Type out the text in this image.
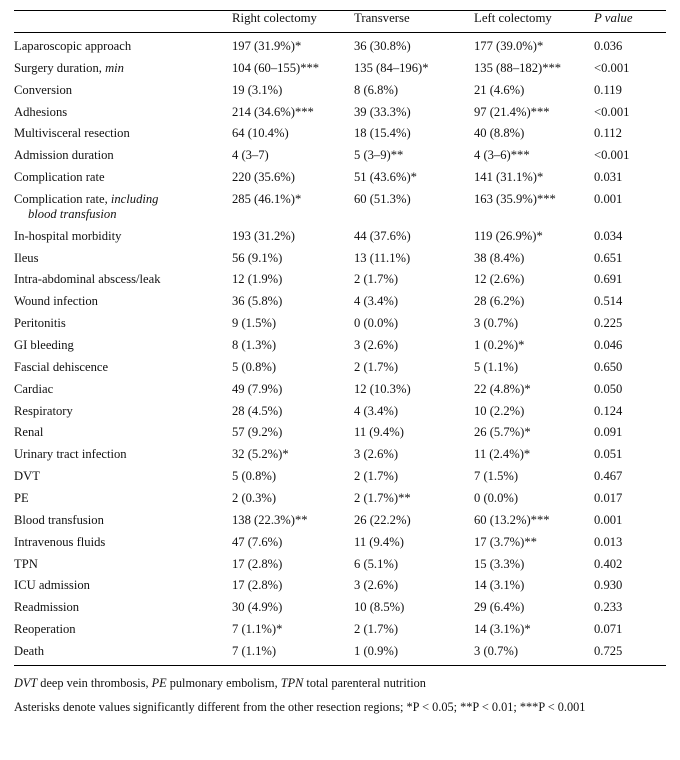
	Right colectomy	Transverse	Left colectomy	P value
Laparoscopic approach	197 (31.9%)*	36 (30.8%)	177 (39.0%)*	0.036

Surgery duration, min	104 (60–155)***	135 (84–196)*	135 (88–182)***	<0.001
Conversion	19 (3.1%)	8 (6.8%)	21 (4.6%)	0.119
Adhesions	214 (34.6%)***	39 (33.3%)	97 (21.4%)***	<0.001
Multivisceral resection	64 (10.4%)	18 (15.4%)	40 (8.8%)	0.112
Admission duration	4 (3–7)	5 (3–9)**	4 (3–6)***	<0.001
Complication rate	220 (35.6%)	51 (43.6%)*	141 (31.1%)*	0.031

Complication rate, including
blood transfusion	285 (46.1%)*	60 (51.3%)	163 (35.9%)***	0.001
In-hospital morbidity	193 (31.2%)	44 (37.6%)	119 (26.9%)*	0.034
Ileus	56 (9.1%)	13 (11.1%)	38 (8.4%)	0.651
Intra-abdominal abscess/leak	12 (1.9%)	2 (1.7%)	12 (2.6%)	0.691
Wound infection	36 (5.8%)	4 (3.4%)	28 (6.2%)	0.514
Peritonitis	9 (1.5%)	0 (0.0%)	3 (0.7%)	0.225
GI bleeding	8 (1.3%)	3 (2.6%)	1 (0.2%)*	0.046
Fascial dehiscence	5 (0.8%)	2 (1.7%)	5 (1.1%)	0.650
Cardiac	49 (7.9%)	12 (10.3%)	22 (4.8%)*	0.050
Respiratory	28 (4.5%)	4 (3.4%)	10 (2.2%)	0.124
Renal	57 (9.2%)	11 (9.4%)	26 (5.7%)*	0.091
Urinary tract infection	32 (5.2%)*	3 (2.6%)	11 (2.4%)*	0.051
DVT	5 (0.8%)	2 (1.7%)	7 (1.5%)	0.467
PE	2 (0.3%)	2 (1.7%)**	0 (0.0%)	0.017
Blood transfusion	138 (22.3%)**	26 (22.2%)	60 (13.2%)***	0.001
Intravenous fluids	47 (7.6%)	11 (9.4%)	17 (3.7%)**	0.013
TPN	17 (2.8%)	6 (5.1%)	15 (3.3%)	0.402
ICU admission	17 (2.8%)	3 (2.6%)	14 (3.1%)	0.930
Readmission	30 (4.9%)	10 (8.5%)	29 (6.4%)	0.233
Reoperation	7 (1.1%)*	2 (1.7%)	14 (3.1%)*	0.071
Death	7 (1.1%)	1 (0.9%)	3 (0.7%)	0.725

DVT deep vein thrombosis, PE pulmonary embolism, TPN total parenteral nutrition

Asterisks denote values significantly different from the other resection regions; *P < 0.05; **P < 0.01; ***P < 0.001
